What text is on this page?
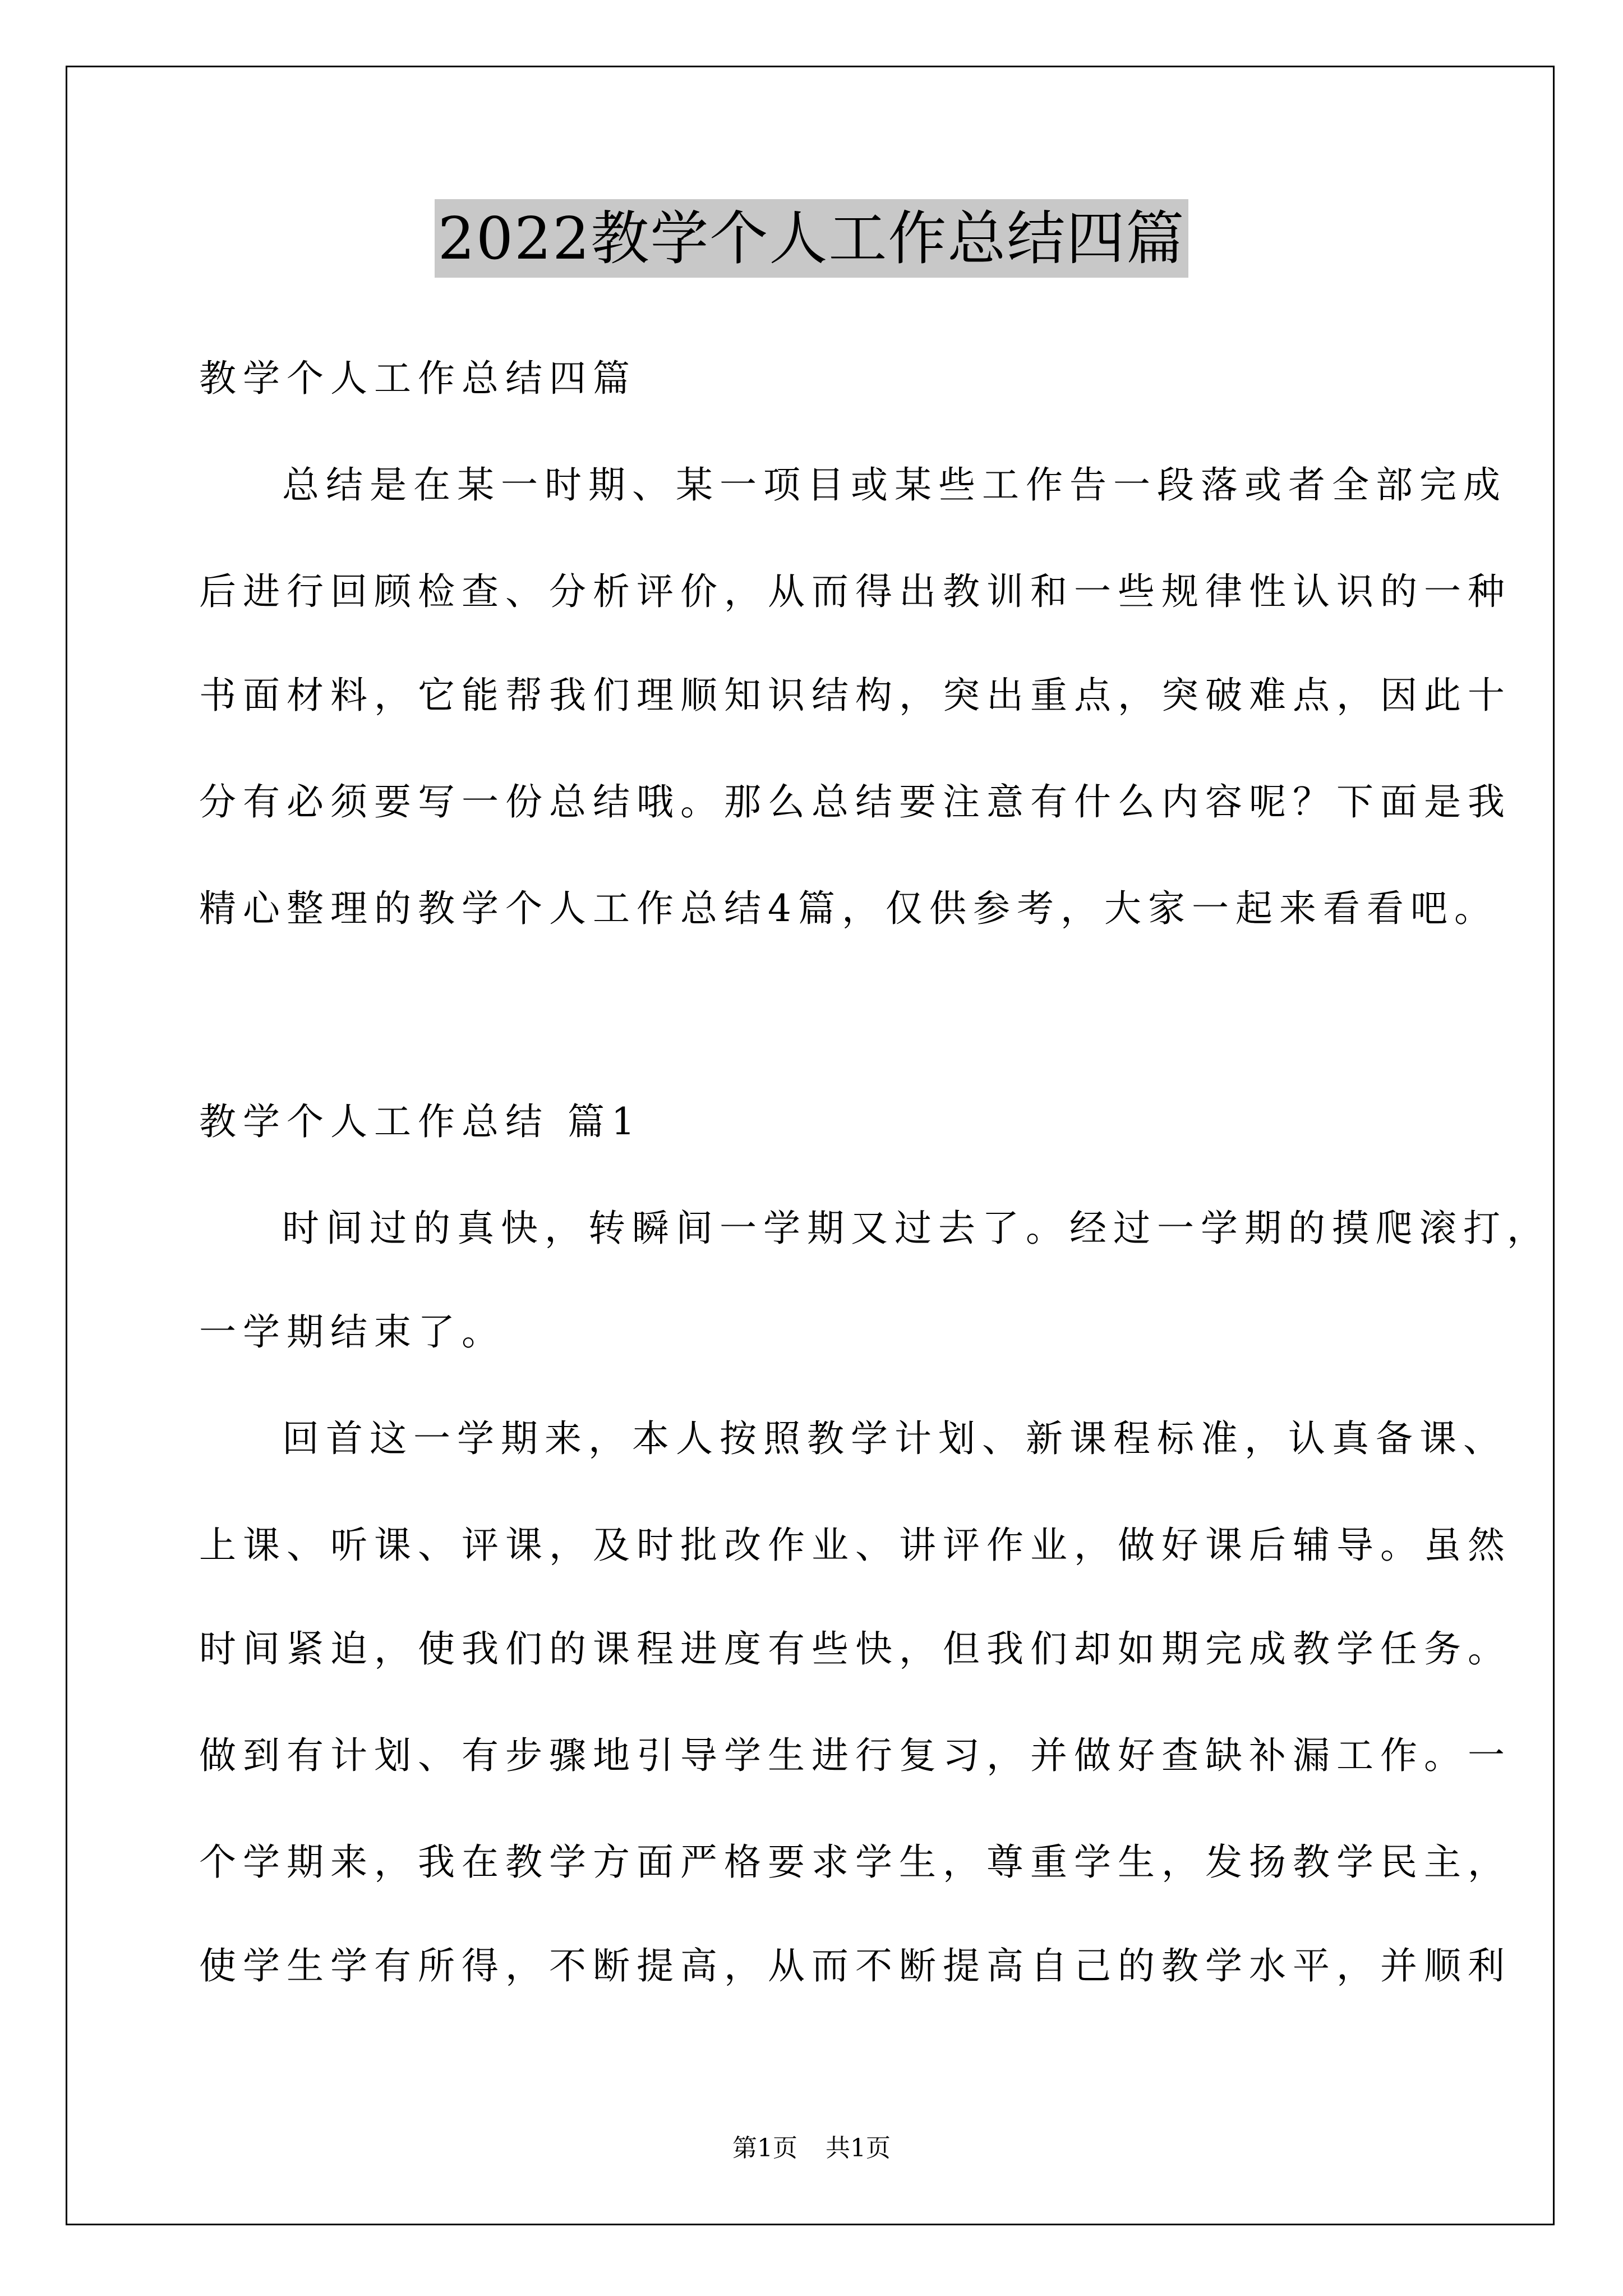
2022教学个人工作总结四篇
教学个人工作总结四篇
总结是在某一时期、某一项目或某些工作告一段落或者全部完成
后进行回顾检查、分析评价，从而得出教训和一些规律性认识的一种
书面材料，它能帮我们理顺知识结构，突出重点，突破难点，因此十
分有必须要写一份总结哦。那么总结要注意有什么内容呢？下面是我
精心整理的教学个人工作总结4篇，仅供参考，大家一起来看看吧。
教学个人工作总结 篇1
时间过的真快，转瞬间一学期又过去了。经过一学期的摸爬滚打，
一学期结束了。
回首这一学期来，本人按照教学计划、新课程标准，认真备课、
上课、听课、评课，及时批改作业、讲评作业，做好课后辅导。虽然
时间紧迫，使我们的课程进度有些快，但我们却如期完成教学任务。
做到有计划、有步骤地引导学生进行复习，并做好查缺补漏工作。一
个学期来，我在教学方面严格要求学生，尊重学生，发扬教学民主，
使学生学有所得，不断提高，从而不断提高自己的教学水平，并顺利
第1页 共1页
